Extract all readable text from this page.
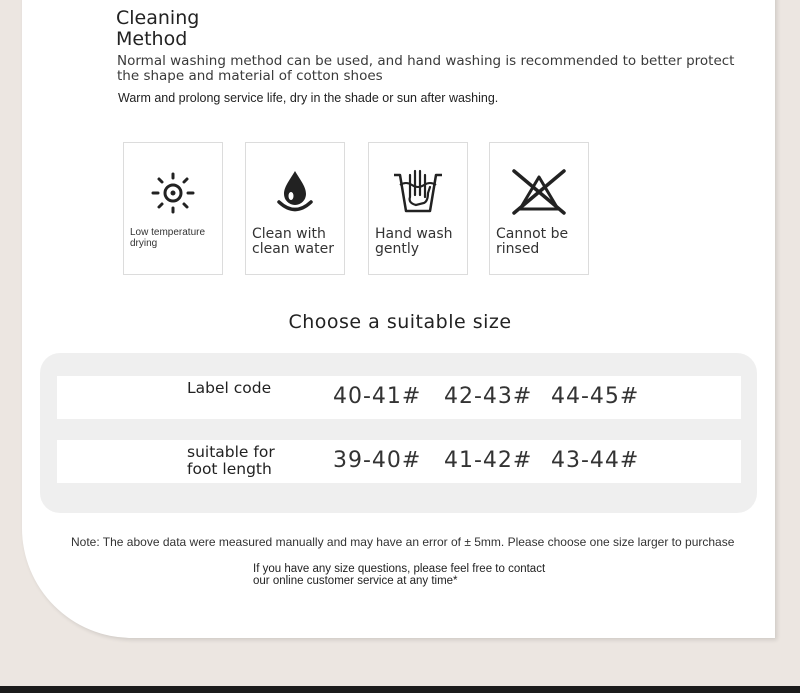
Cleaning Method
Normal washing method can be used, and hand washing is recommended to better protect the shape and material of cotton shoes
Warm and prolong service life, dry in the shade or sun after washing.
Low temperature drying
Clean with clean water
Hand wash gently
Cannot be rinsed
Choose a suitable size
Label code	40-41# 42-43# 44-45#
suitable for foot length	39-40# 41-42# 43-44#
Note: The above data were measured manually and may have an error of ± 5mm. Please choose one size larger to purchase
If you have any size questions, please feel free to contact our online customer service at any time*
